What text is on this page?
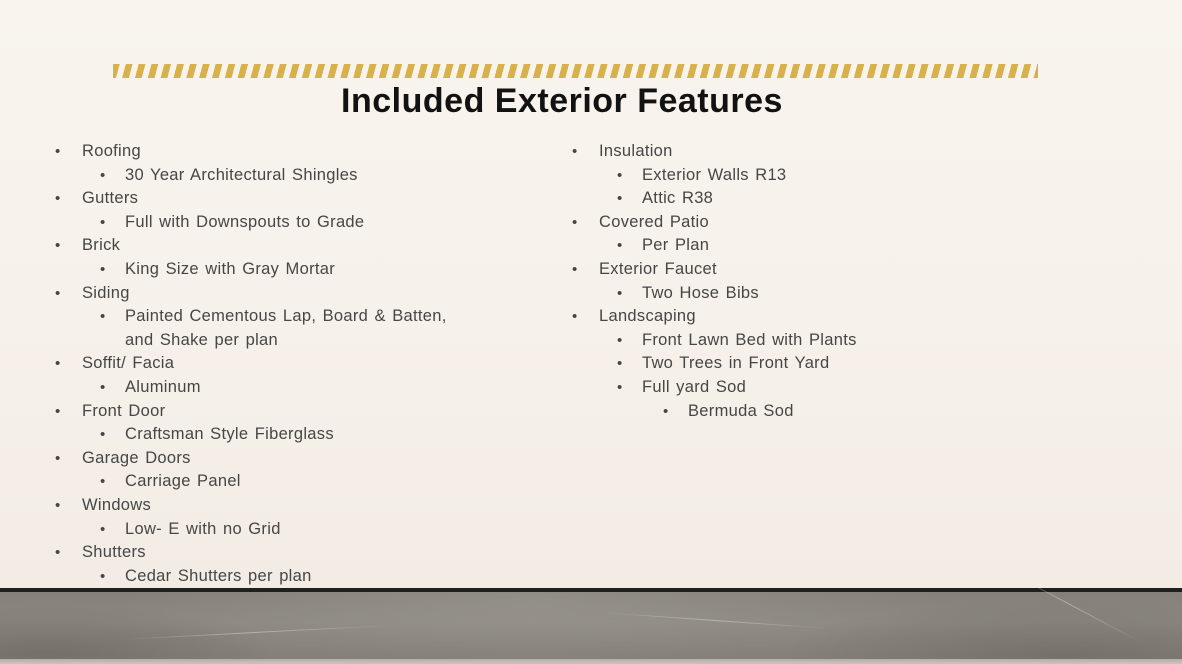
Included Exterior Features
•	Roofing
•	30 Year Architectural Shingles
•	Gutters
•	Full with Downspouts to Grade
•	Brick
•	King Size with Gray Mortar
•	Siding
•	Painted Cementous Lap, Board & Batten, and Shake per plan
•	Soffit/ Facia
•	Aluminum
•	Front Door
•	Craftsman Style Fiberglass
•	Garage Doors
•	Carriage Panel
•	Windows
•	Low- E with no Grid
•	Shutters
•	Cedar Shutters per plan
•	Insulation
•	Exterior Walls R13
•	Attic R38
•	Covered Patio
•	Per Plan
•	Exterior Faucet
•	Two Hose Bibs
•	Landscaping
•	Front Lawn Bed with Plants
•	Two Trees in Front Yard
•	Full yard Sod
•	Bermuda Sod
